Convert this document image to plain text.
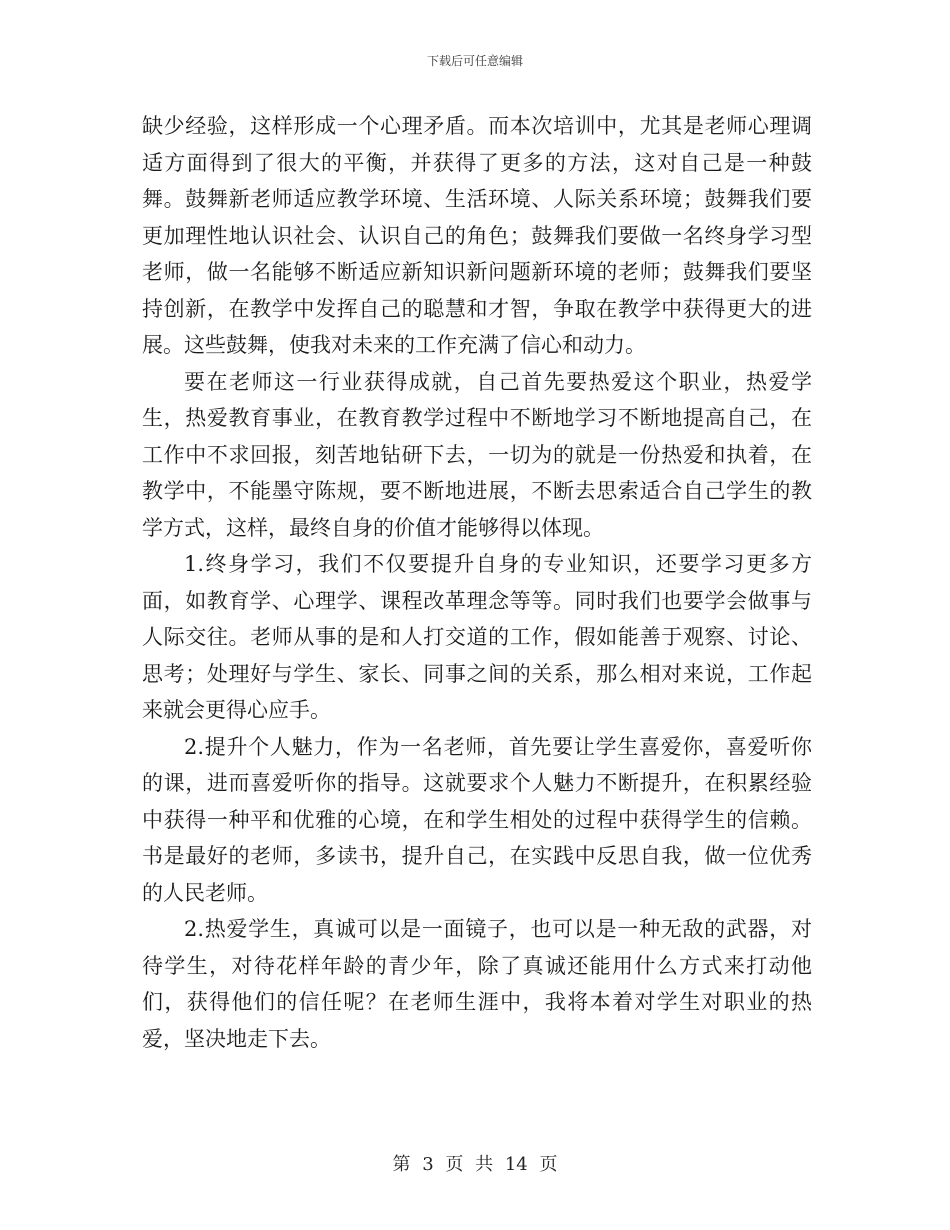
下载后可任意编辑

缺少经验，这样形成一个心理矛盾。而本次培训中，尤其是老师心理调适方面得到了很大的平衡，并获得了更多的方法，这对自己是一种鼓舞。鼓舞新老师适应教学环境、生活环境、人际关系环境；鼓舞我们要更加理性地认识社会、认识自己的角色；鼓舞我们要做一名终身学习型老师，做一名能够不断适应新知识新问题新环境的老师；鼓舞我们要坚持创新，在教学中发挥自己的聪慧和才智，争取在教学中获得更大的进展。这些鼓舞，使我对未来的工作充满了信心和动力。

要在老师这一行业获得成就，自己首先要热爱这个职业，热爱学生，热爱教育事业，在教育教学过程中不断地学习不断地提高自己，在工作中不求回报，刻苦地钻研下去，一切为的就是一份热爱和执着，在教学中，不能墨守陈规，要不断地进展，不断去思索适合自己学生的教学方式，这样，最终自身的价值才能够得以体现。

1.终身学习，我们不仅要提升自身的专业知识，还要学习更多方面，如教育学、心理学、课程改革理念等等。同时我们也要学会做事与人际交往。老师从事的是和人打交道的工作，假如能善于观察、讨论、思考；处理好与学生、家长、同事之间的关系，那么相对来说，工作起来就会更得心应手。

2.提升个人魅力，作为一名老师，首先要让学生喜爱你，喜爱听你的课，进而喜爱听你的指导。这就要求个人魅力不断提升，在积累经验中获得一种平和优雅的心境，在和学生相处的过程中获得学生的信赖。书是最好的老师，多读书，提升自己，在实践中反思自我，做一位优秀的人民老师。

2.热爱学生，真诚可以是一面镜子，也可以是一种无敌的武器，对待学生，对待花样年龄的青少年，除了真诚还能用什么方式来打动他们，获得他们的信任呢？在老师生涯中，我将本着对学生对职业的热爱，坚决地走下去。

第 3 页 共 14 页
